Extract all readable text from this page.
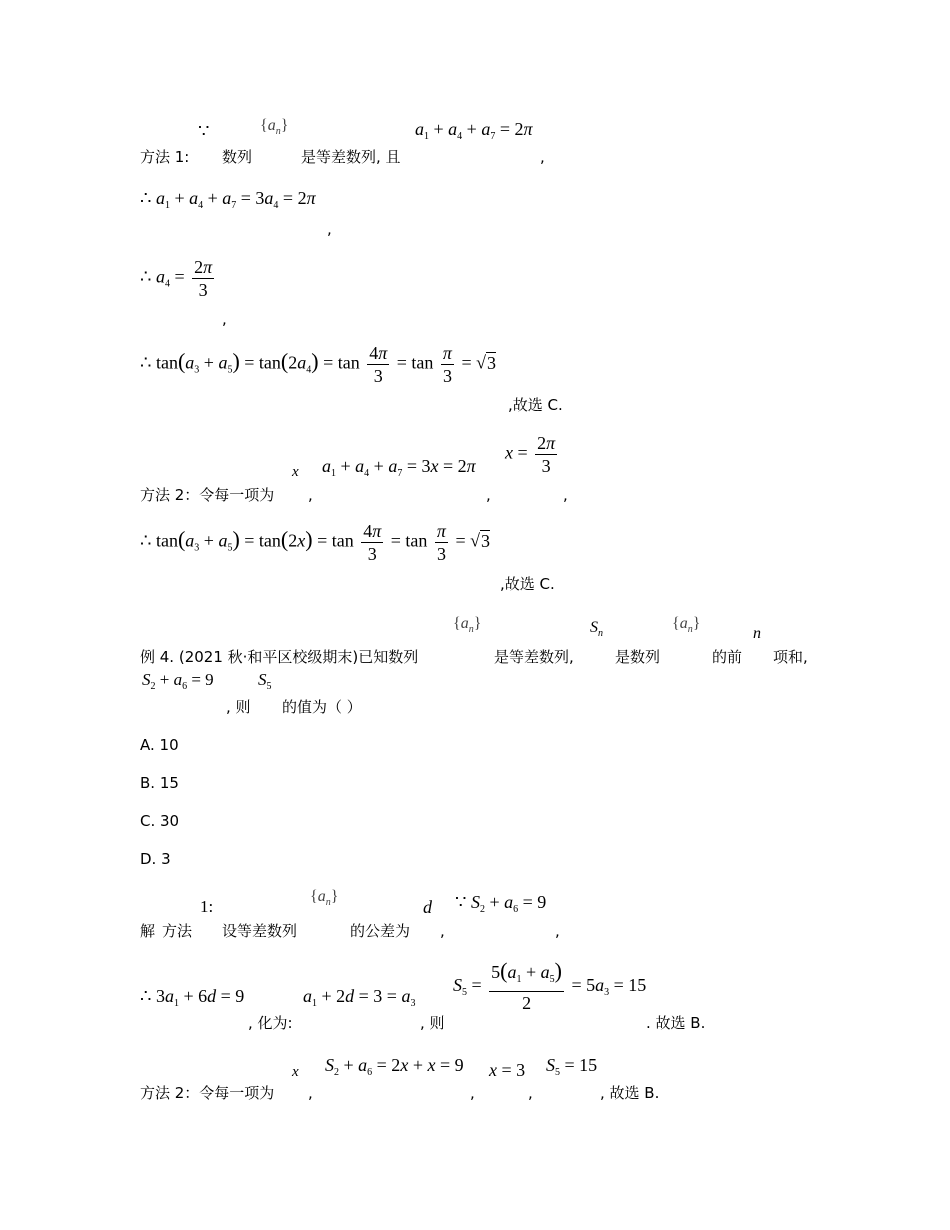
∵	$\{a_n\}$	$a_1 + a_4 + a_7 = 2\pi$
方法 1: 数列	是等差数列, 且	,
∴ $a_1 + a_4 + a_7 = 3a_4 = 2\pi$
,
∴ $a_4 = \frac{2\pi}{3}$
,
∴ $\tan(a_3 + a_5) = \tan(2a_4) = \tan \frac{4\pi}{3} = \tan \frac{\pi}{3} = √3$
,故选 C.
x $a_1 + a_4 + a_7 = 3x = 2\pi$
$x = \frac{2\pi}{3}$
方法 2：令每一项为 ,	,	,
∴ $\tan(a_3 + a_5) = \tan(2x) = \tan \frac{4\pi}{3} = \tan \frac{\pi}{3} = √3$
,故选 C.
$\{a_n\}$	$S_n$
$\{a_n\}$
n
例 4. (2021 秋·和平区校级期末)已知数列	是等差数列,	是数列	的前 项和,
$S_2 + a_6 = 9$	$S_5$
, 则 的值为（ ）
A. 10
B. 15
C. 30
D. 3
1:
$\{a_n\}$
d ∵ $S_2 + a_6 = 9$
解 方法 设等差数列	的公差为 ,	,
∴ $3a_1 + 6d = 9$	$a_1 + 2d = 3 = a_3$
$S_5 = \frac{5(a_1 + a_5)}{2} = 5a_3 = 15$
, 化为:	, 则	. 故选 B.
x $S_2 + a_6 = 2x + x = 9$ x = 3 $S_5 = 15$
方法 2：令每一项为 ,	,	,	, 故选 B.
